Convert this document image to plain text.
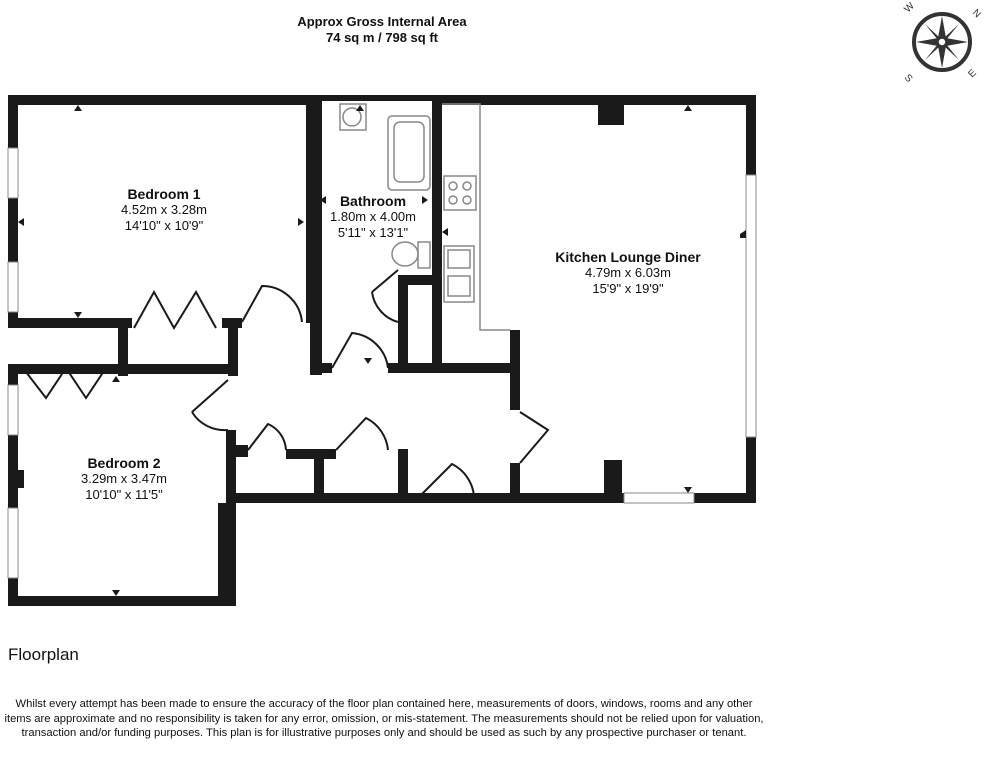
Approx Gross Internal Area
74 sq m / 798 sq ft
N
W
E
S
Bedroom 1
4.52m x 3.28m
14'10" x 10'9"
Bathroom
1.80m x 4.00m
5'11" x 13'1"
Kitchen Lounge Diner
4.79m x 6.03m
15'9" x 19'9"
Bedroom 2
3.29m x 3.47m
10'10" x 11'5"
Floorplan
Whilst every attempt has been made to ensure the accuracy of the floor plan contained here, measurements of doors, windows, rooms and any other items are approximate and no responsibility is taken for any error, omission, or mis-statement. The measurements should not be relied upon for valuation, transaction and/or funding purposes. This plan is for illustrative purposes only and should be used as such by any prospective purchaser or tenant.
